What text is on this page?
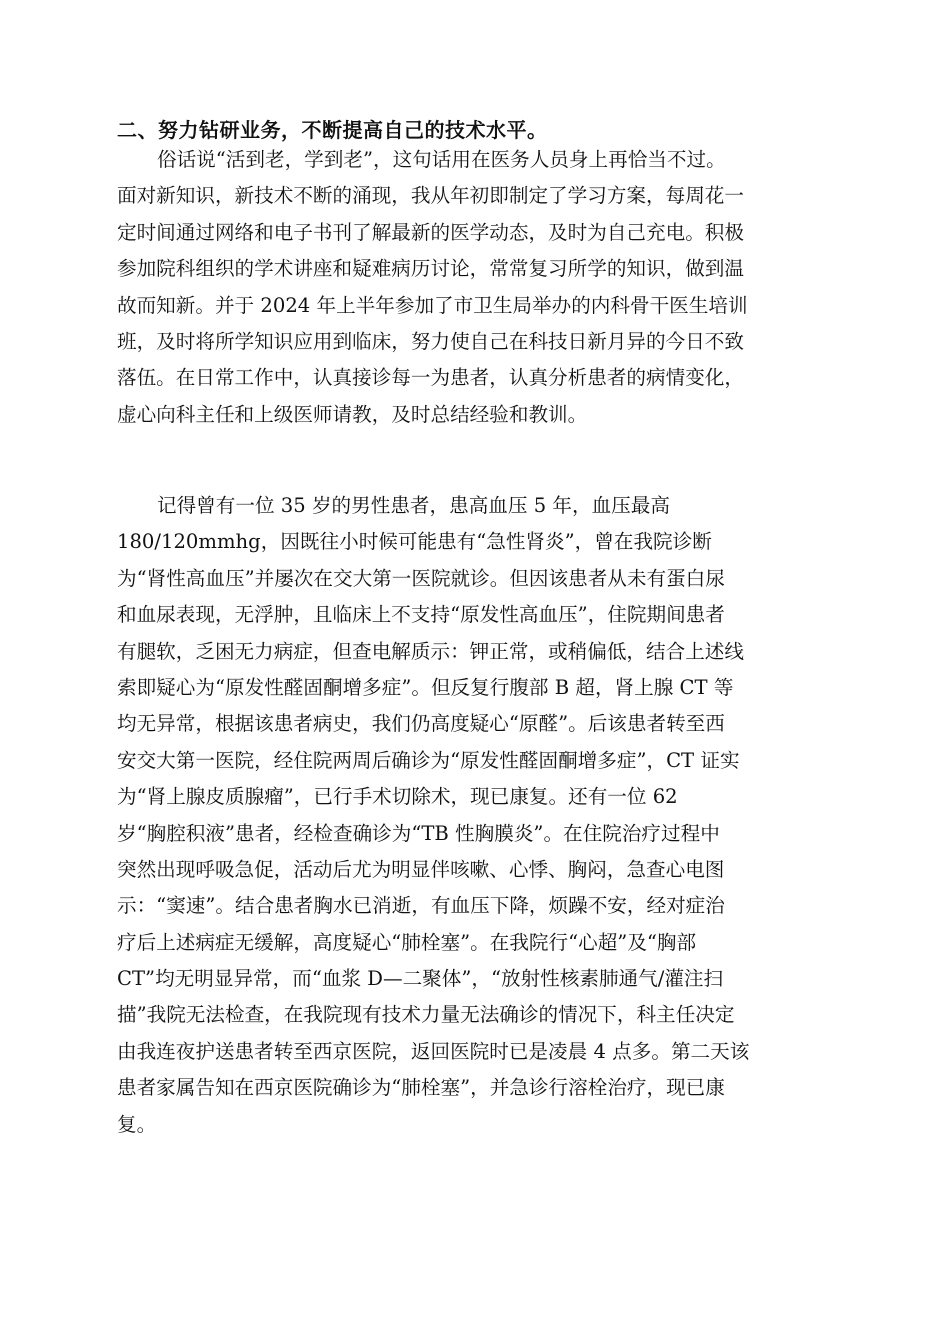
二、努力钻研业务，不断提高自己的技术水平。
俗话说“活到老，学到老”，这句话用在医务人员身上再恰当不过。
面对新知识，新技术不断的涌现，我从年初即制定了学习方案，每周花一
定时间通过网络和电子书刊了解最新的医学动态，及时为自己充电。积极
参加院科组织的学术讲座和疑难病历讨论，常常复习所学的知识，做到温
故而知新。并于 2024 年上半年参加了市卫生局举办的内科骨干医生培训
班，及时将所学知识应用到临床，努力使自己在科技日新月异的今日不致
落伍。在日常工作中，认真接诊每一为患者，认真分析患者的病情变化，
虚心向科主任和上级医师请教，及时总结经验和教训。
记得曾有一位 35 岁的男性患者，患高血压 5 年，血压最高
180/120mmhg，因既往小时候可能患有“急性肾炎”，曾在我院诊断
为“肾性高血压”并屡次在交大第一医院就诊。但因该患者从未有蛋白尿
和血尿表现，无浮肿，且临床上不支持“原发性高血压”，住院期间患者
有腿软，乏困无力病症，但查电解质示：钾正常，或稍偏低，结合上述线
索即疑心为“原发性醛固酮增多症”。但反复行腹部 B 超，肾上腺 CT 等
均无异常，根据该患者病史，我们仍高度疑心“原醛”。后该患者转至西
安交大第一医院，经住院两周后确诊为“原发性醛固酮增多症”，CT 证实
为“肾上腺皮质腺瘤”，已行手术切除术，现已康复。还有一位 62
岁“胸腔积液”患者，经检查确诊为“TB 性胸膜炎”。在住院治疗过程中
突然出现呼吸急促，活动后尤为明显伴咳嗽、心悸、胸闷，急查心电图
示：“窦速”。结合患者胸水已消逝，有血压下降，烦躁不安，经对症治
疗后上述病症无缓解，高度疑心“肺栓塞”。在我院行“心超”及“胸部
CT”均无明显异常，而“血浆 D—二聚体”，“放射性核素肺通气/灌注扫
描”我院无法检查，在我院现有技术力量无法确诊的情况下，科主任决定
由我连夜护送患者转至西京医院，返回医院时已是凌晨 4 点多。第二天该
患者家属告知在西京医院确诊为“肺栓塞”，并急诊行溶栓治疗，现已康
复。
